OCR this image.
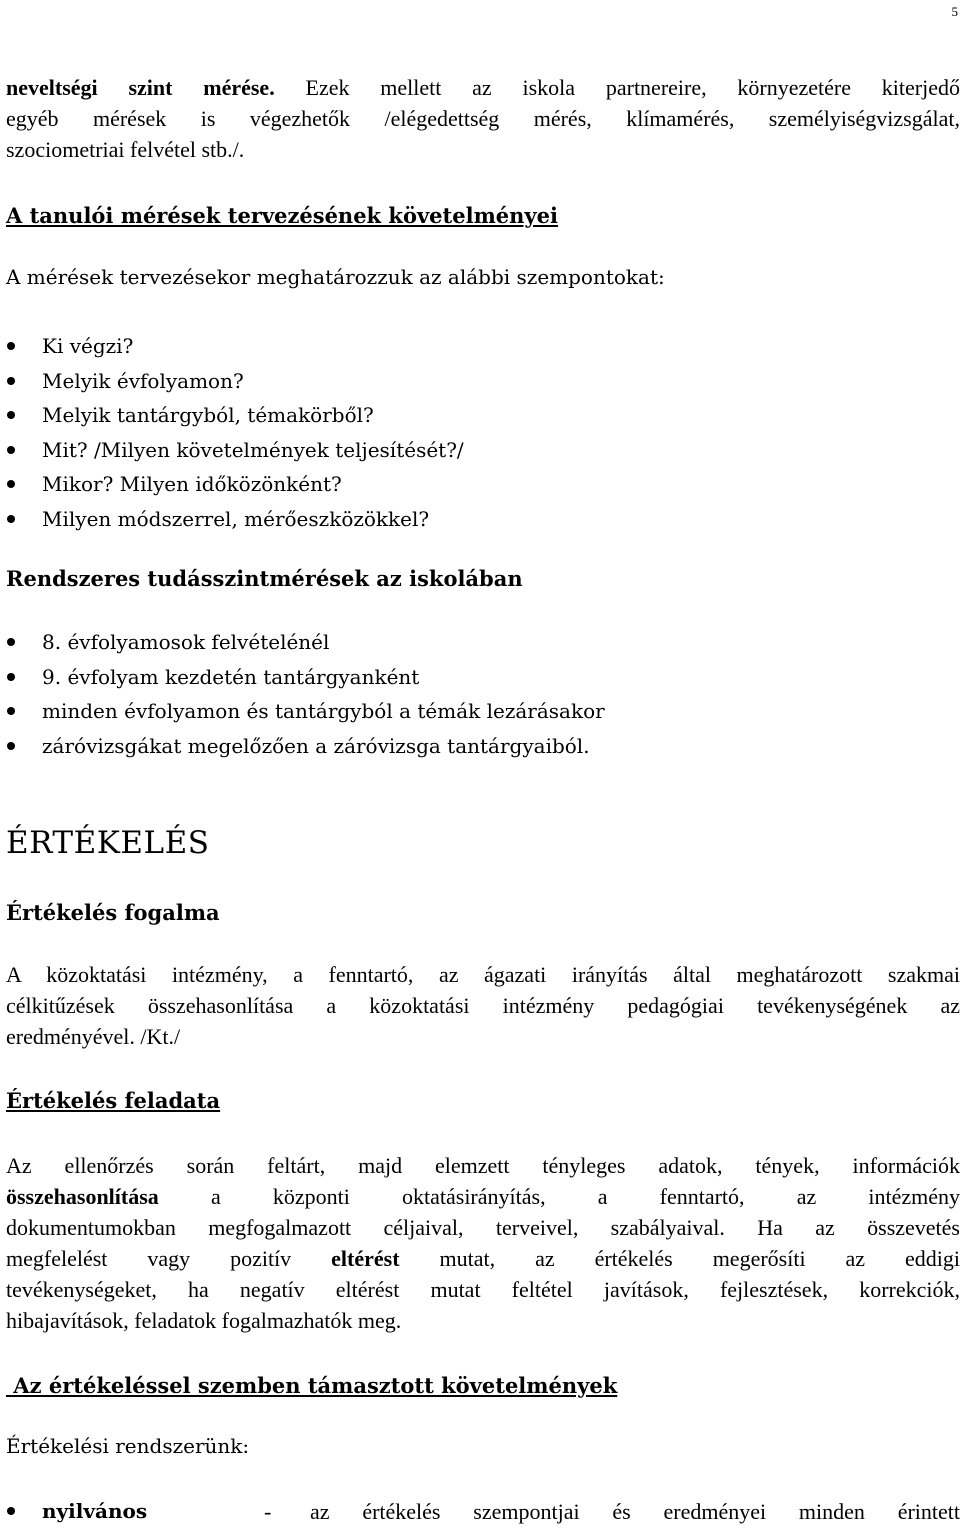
5

neveltségi szint mérése. Ezek mellett az iskola partnereire, környezetére kiterjedő

egyéb mérések is végezhetők /elégedettség mérés, klímamérés, személyiségvizsgálat,

szociometriai felvétel stb./.

A tanulói mérések tervezésének követelményei
A mérések tervezésekor meghatározzuk az alábbi szempontokat:
Ki végzi?
Melyik évfolyamon?
Melyik tantárgyból, témakörből?
Mit? /Milyen követelmények teljesítését?/
Mikor? Milyen időközönként?
Milyen módszerrel, mérőeszközökkel?
Rendszeres tudásszintmérések az iskolában
8. évfolyamosok felvételénél
9. évfolyam kezdetén tantárgyanként
minden évfolyamon és tantárgyból a témák lezárásakor
záróvizsgákat megelőzően a záróvizsga tantárgyaiból.
ÉRTÉKELÉS
Értékelés fogalma

A közoktatási intézmény, a fenntartó, az ágazati irányítás által meghatározott szakmai

célkitűzések összehasonlítása a közoktatási intézmény pedagógiai tevékenységének az

eredményével. /Kt./

Értékelés feladata

Az ellenőrzés során feltárt, majd elemzett tényleges adatok, tények, információk

összehasonlítása a központi oktatásirányítás, a fenntartó, az intézmény

dokumentumokban megfogalmazott céljaival, terveivel, szabályaival. Ha az összevetés

megfelelést vagy pozitív eltérést mutat, az értékelés megerősíti az eddigi

tevékenységeket, ha negatív eltérést mutat feltétel javítások, fejlesztések, korrekciók,

hibajavítások, feladatok fogalmazhatók meg.

Az értékeléssel szemben támasztott követelmények
Értékelési rendszerünk:
nyilvános	- az értékelés szempontjai és eredményei minden érintett
